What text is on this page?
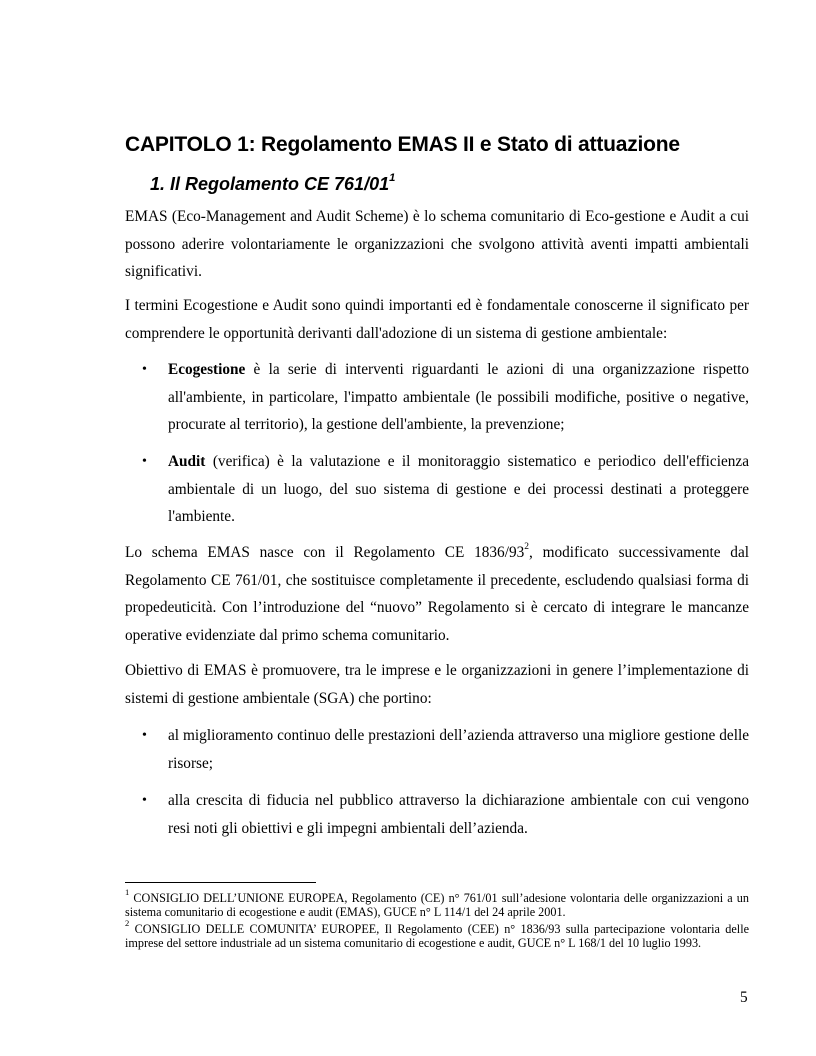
CAPITOLO 1: Regolamento EMAS II e Stato di attuazione
1. Il Regolamento CE $761/01^1$

EMAS (Eco-Management and Audit Scheme) è lo schema comunitario di Eco-gestione e Audit a cui possono aderire volontariamente le organizzazioni che svolgono attività aventi impatti ambientali significativi.

I termini Ecogestione e Audit sono quindi importanti ed è fondamentale conoscerne il significato per comprendere le opportunità derivanti dall'adozione di un sistema di gestione ambientale:

• Ecogestione è la serie di interventi riguardanti le azioni di una organizzazione rispetto all'ambiente, in particolare, l'impatto ambientale (le possibili modifiche, positive o negative, procurate al territorio), la gestione dell'ambiente, la prevenzione;
• Audit (verifica) è la valutazione e il monitoraggio sistematico e periodico dell'efficienza ambientale di un luogo, del suo sistema di gestione e dei processi destinati a proteggere l'ambiente.

Lo schema EMAS nasce con il Regolamento CE $1836/93^2$, modificato successivamente dal Regolamento CE 761/01, che sostituisce completamente il precedente, escludendo qualsiasi forma di propedeuticità. Con l’introduzione del “nuovo” Regolamento si è cercato di integrare le mancanze operative evidenziate dal primo schema comunitario.

Obiettivo di EMAS è promuovere, tra le imprese e le organizzazioni in genere l’implementazione di sistemi di gestione ambientale (SGA) che portino:

• al miglioramento continuo delle prestazioni dell’azienda attraverso una migliore gestione delle risorse;
• alla crescita di fiducia nel pubblico attraverso la dichiarazione ambientale con cui vengono resi noti gli obiettivi e gli impegni ambientali dell’azienda.

$^1$ CONSIGLIO DELL’UNIONE EUROPEA, Regolamento (CE) n° 761/01 sull’adesione volontaria delle organizzazioni a un sistema comunitario di ecogestione e audit (EMAS), GUCE n° L 114/1 del 24 aprile 2001.

$^2$ CONSIGLIO DELLE COMUNITA’ EUROPEE, Il Regolamento (CEE) n° 1836/93 sulla partecipazione volontaria delle imprese del settore industriale ad un sistema comunitario di ecogestione e audit, GUCE n° L 168/1 del 10 luglio 1993.

5
